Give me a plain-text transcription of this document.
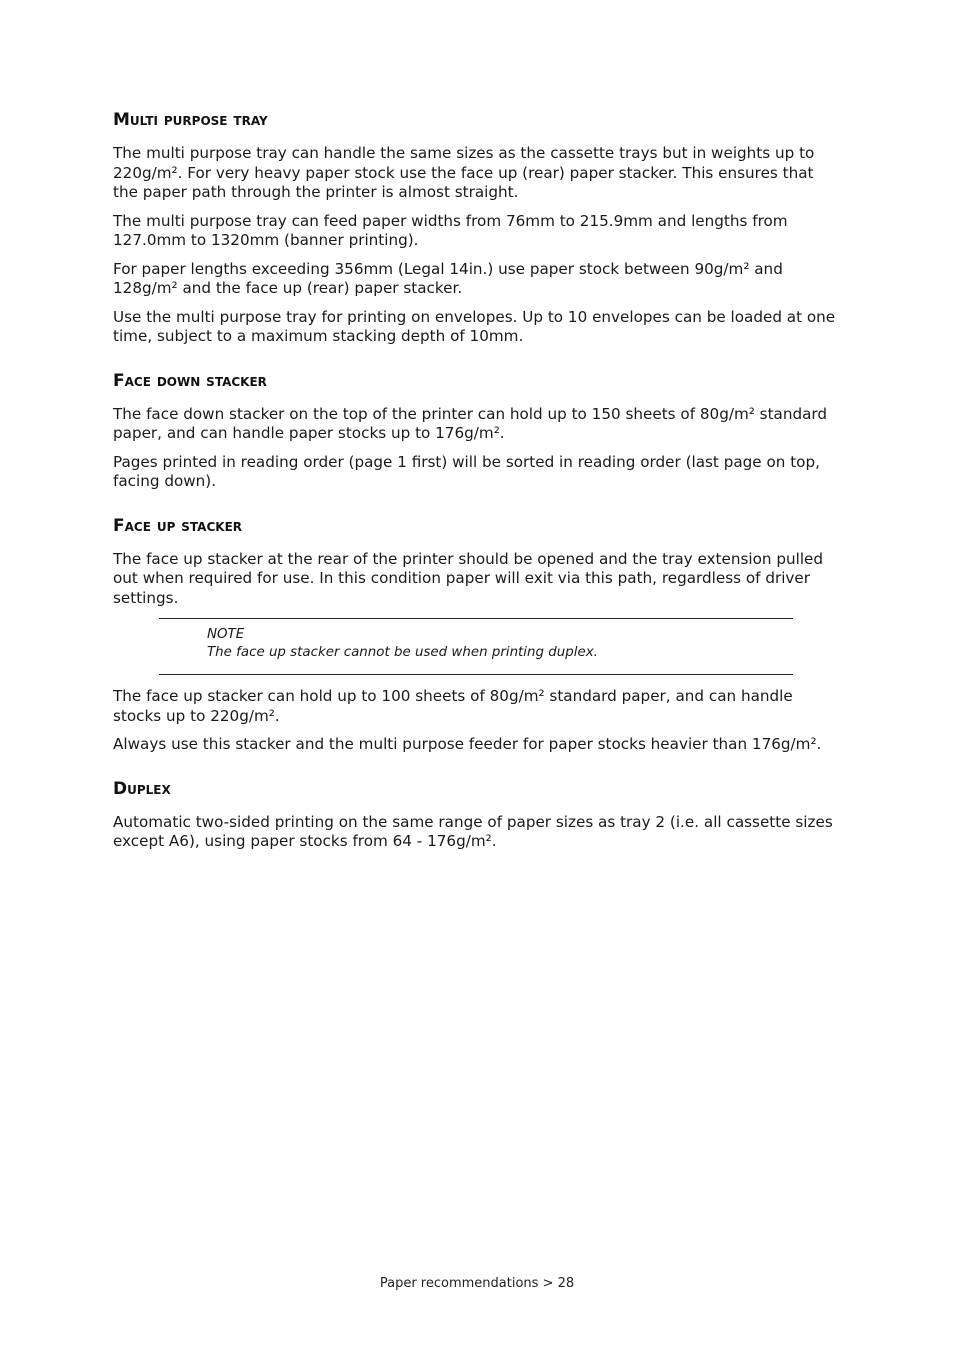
Multi purpose tray

The multi purpose tray can handle the same sizes as the cassette trays but in weights up to 220g/m². For very heavy paper stock use the face up (rear) paper stacker. This ensures that the paper path through the printer is almost straight.

The multi purpose tray can feed paper widths from 76mm to 215.9mm and lengths from 127.0mm to 1320mm (banner printing).

For paper lengths exceeding 356mm (Legal 14in.) use paper stock between 90g/m² and 128g/m² and the face up (rear) paper stacker.

Use the multi purpose tray for printing on envelopes. Up to 10 envelopes can be loaded at one time, subject to a maximum stacking depth of 10mm.

Face down stacker

The face down stacker on the top of the printer can hold up to 150 sheets of 80g/m² standard paper, and can handle paper stocks up to 176g/m².

Pages printed in reading order (page 1 first) will be sorted in reading order (last page on top, facing down).

Face up stacker

The face up stacker at the rear of the printer should be opened and the tray extension pulled out when required for use. In this condition paper will exit via this path, regardless of driver settings.

NOTE
The face up stacker cannot be used when printing duplex.

The face up stacker can hold up to 100 sheets of 80g/m² standard paper, and can handle stocks up to 220g/m².

Always use this stacker and the multi purpose feeder for paper stocks heavier than 176g/m².

Duplex

Automatic two-sided printing on the same range of paper sizes as tray 2 (i.e. all cassette sizes except A6), using paper stocks from 64 - 176g/m².

Paper recommendations > 28
